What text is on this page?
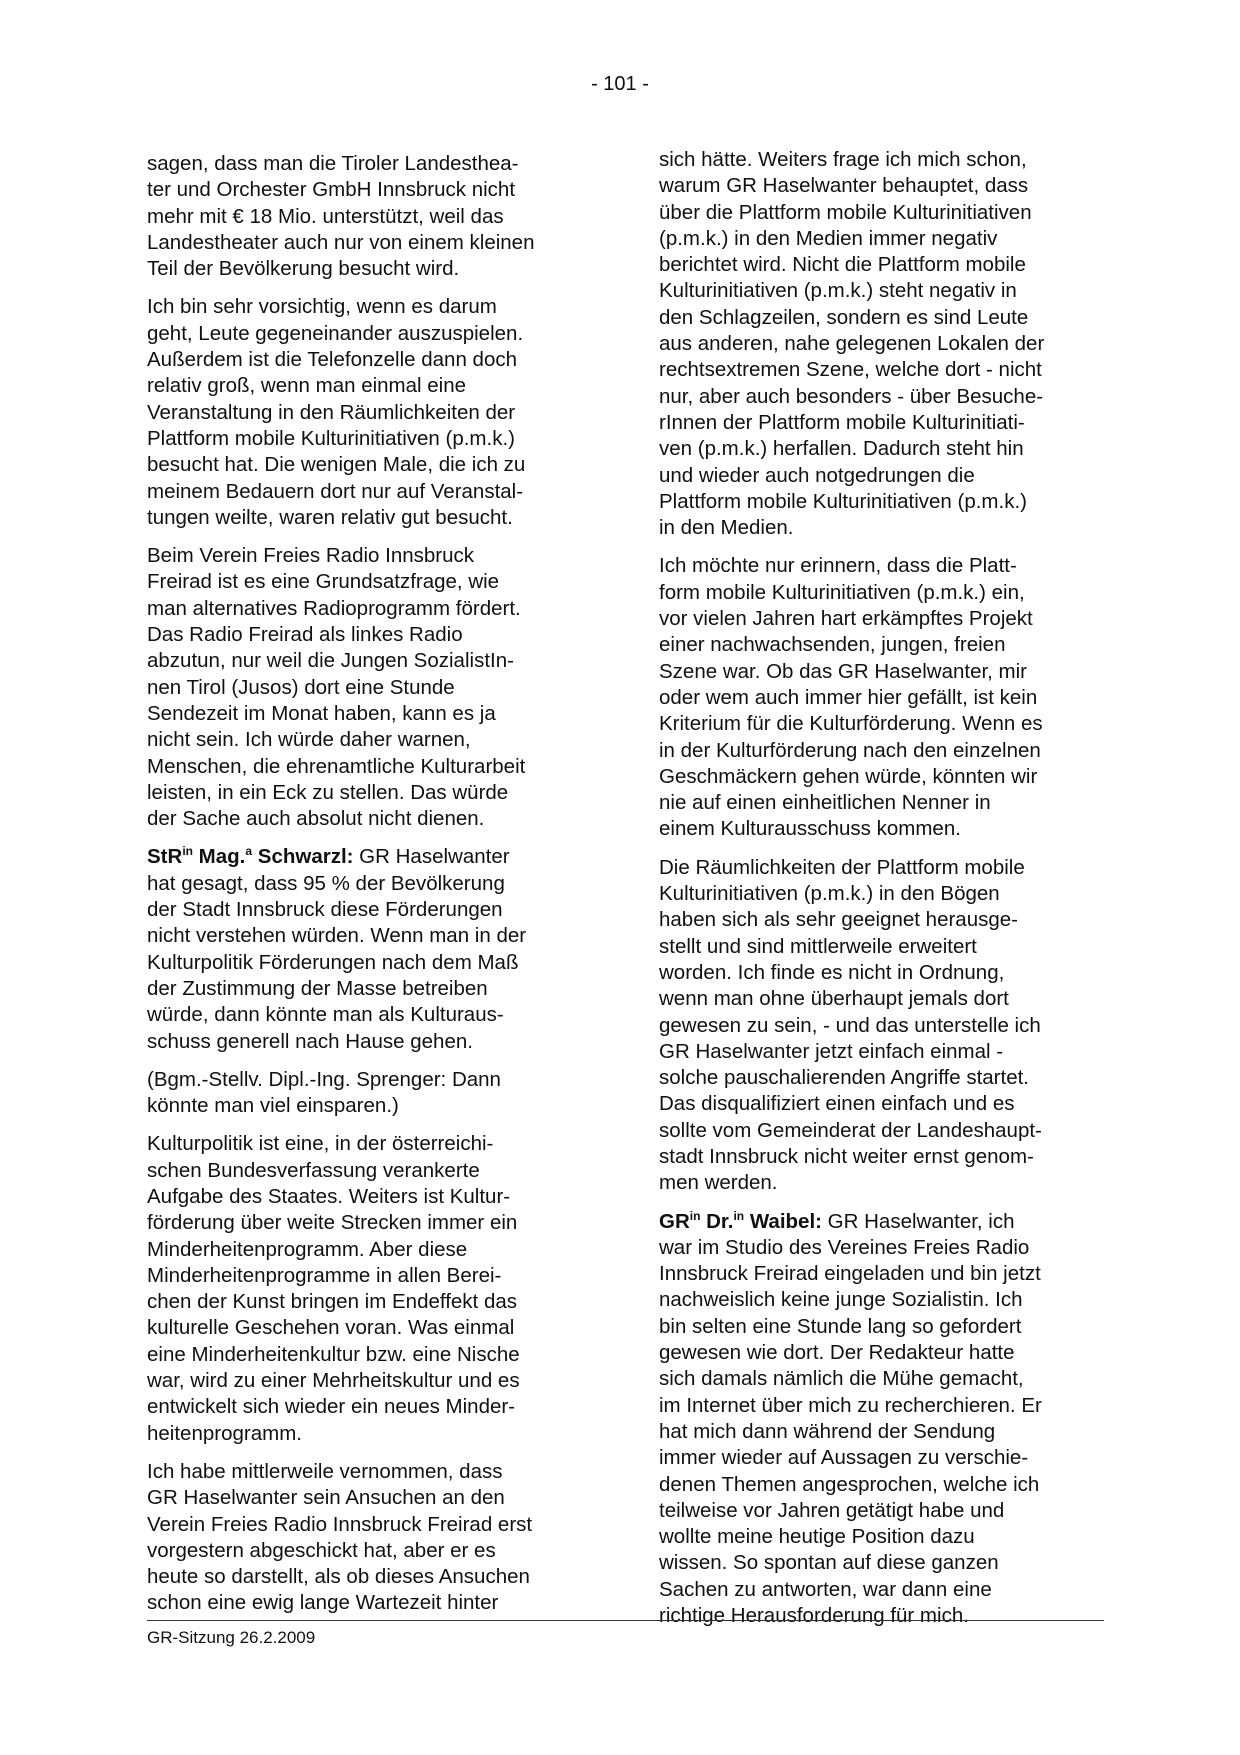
- 101 -

sagen, dass man die Tiroler Landesthea-
ter und Orchester GmbH Innsbruck nicht
mehr mit € 18 Mio. unterstützt, weil das
Landestheater auch nur von einem kleinen
Teil der Bevölkerung besucht wird.

Ich bin sehr vorsichtig, wenn es darum
geht, Leute gegeneinander auszuspielen.
Außerdem ist die Telefonzelle dann doch
relativ groß, wenn man einmal eine
Veranstaltung in den Räumlichkeiten der
Plattform mobile Kulturinitiativen (p.m.k.)
besucht hat. Die wenigen Male, die ich zu
meinem Bedauern dort nur auf Veranstal-
tungen weilte, waren relativ gut besucht.

Beim Verein Freies Radio Innsbruck
Freirad ist es eine Grundsatzfrage, wie
man alternatives Radioprogramm fördert.
Das Radio Freirad als linkes Radio
abzutun, nur weil die Jungen SozialistIn-
nen Tirol (Jusos) dort eine Stunde
Sendezeit im Monat haben, kann es ja
nicht sein. Ich würde daher warnen,
Menschen, die ehrenamtliche Kulturarbeit
leisten, in ein Eck zu stellen. Das würde
der Sache auch absolut nicht dienen.

StR$^{in}$ Mag.$^a$ Schwarzl: GR Haselwanter
hat gesagt, dass 95 % der Bevölkerung
der Stadt Innsbruck diese Förderungen
nicht verstehen würden. Wenn man in der
Kulturpolitik Förderungen nach dem Maß
der Zustimmung der Masse betreiben
würde, dann könnte man als Kulturaus-
schuss generell nach Hause gehen.

(Bgm.-Stellv. Dipl.-Ing. Sprenger: Dann
könnte man viel einsparen.)

Kulturpolitik ist eine, in der österreichi-
schen Bundesverfassung verankerte
Aufgabe des Staates. Weiters ist Kultur-
förderung über weite Strecken immer ein
Minderheitenprogramm. Aber diese
Minderheitenprogramme in allen Berei-
chen der Kunst bringen im Endeffekt das
kulturelle Geschehen voran. Was einmal
eine Minderheitenkultur bzw. eine Nische
war, wird zu einer Mehrheitskultur und es
entwickelt sich wieder ein neues Minder-
heitenprogramm.

Ich habe mittlerweile vernommen, dass
GR Haselwanter sein Ansuchen an den
Verein Freies Radio Innsbruck Freirad erst
vorgestern abgeschickt hat, aber er es
heute so darstellt, als ob dieses Ansuchen
schon eine ewig lange Wartezeit hinter

sich hätte. Weiters frage ich mich schon,
warum GR Haselwanter behauptet, dass
über die Plattform mobile Kulturinitiativen
(p.m.k.) in den Medien immer negativ
berichtet wird. Nicht die Plattform mobile
Kulturinitiativen (p.m.k.) steht negativ in
den Schlagzeilen, sondern es sind Leute
aus anderen, nahe gelegenen Lokalen der
rechtsextremen Szene, welche dort - nicht
nur, aber auch besonders - über Besuche-
rInnen der Plattform mobile Kulturinitiati-
ven (p.m.k.) herfallen. Dadurch steht hin
und wieder auch notgedrungen die
Plattform mobile Kulturinitiativen (p.m.k.)
in den Medien.

Ich möchte nur erinnern, dass die Platt-
form mobile Kulturinitiativen (p.m.k.) ein,
vor vielen Jahren hart erkämpftes Projekt
einer nachwachsenden, jungen, freien
Szene war. Ob das GR Haselwanter, mir
oder wem auch immer hier gefällt, ist kein
Kriterium für die Kulturförderung. Wenn es
in der Kulturförderung nach den einzelnen
Geschmäckern gehen würde, könnten wir
nie auf einen einheitlichen Nenner in
einem Kulturausschuss kommen.

Die Räumlichkeiten der Plattform mobile
Kulturinitiativen (p.m.k.) in den Bögen
haben sich als sehr geeignet herausge-
stellt und sind mittlerweile erweitert
worden. Ich finde es nicht in Ordnung,
wenn man ohne überhaupt jemals dort
gewesen zu sein, - und das unterstelle ich
GR Haselwanter jetzt einfach einmal -
solche pauschalierenden Angriffe startet.
Das disqualifiziert einen einfach und es
sollte vom Gemeinderat der Landeshaupt-
stadt Innsbruck nicht weiter ernst genom-
men werden.

$GR^{in}$ Dr.$^{in}$ Waibel: GR Haselwanter, ich
war im Studio des Vereines Freies Radio
Innsbruck Freirad eingeladen und bin jetzt
nachweislich keine junge Sozialistin. Ich
bin selten eine Stunde lang so gefordert
gewesen wie dort. Der Redakteur hatte
sich damals nämlich die Mühe gemacht,
im Internet über mich zu recherchieren. Er
hat mich dann während der Sendung
immer wieder auf Aussagen zu verschie-
denen Themen angesprochen, welche ich
teilweise vor Jahren getätigt habe und
wollte meine heutige Position dazu
wissen. So spontan auf diese ganzen
Sachen zu antworten, war dann eine
richtige Herausforderung für mich.

GR-Sitzung 26.2.2009
